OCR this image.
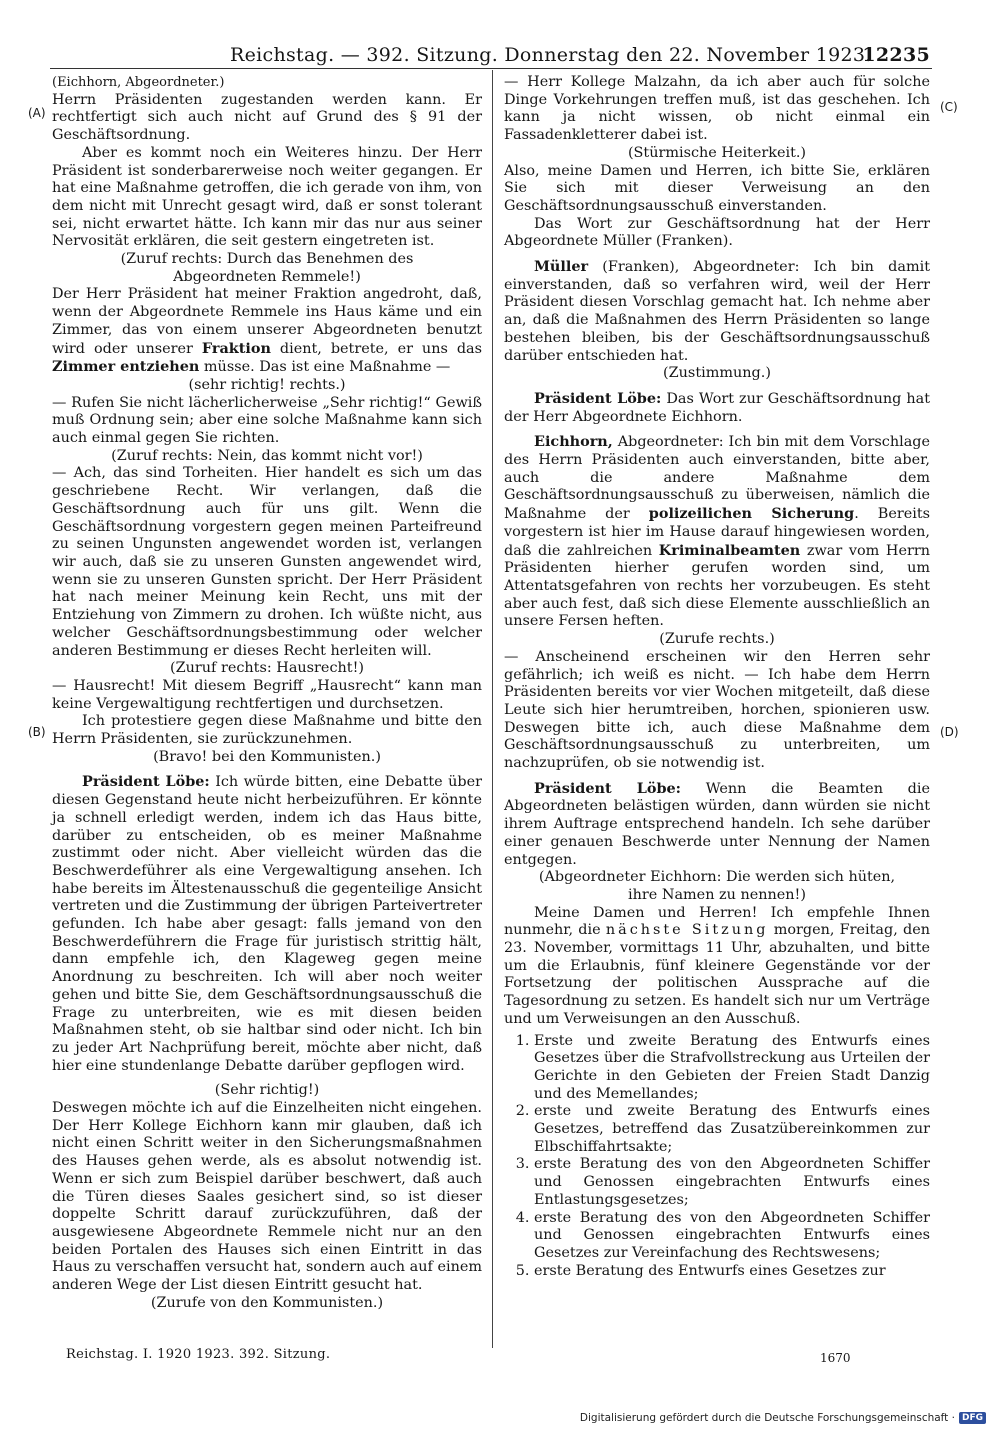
Reichstag. — 392. Sitzung. Donnerstag den 22. November 1923.
12235
(A)
(B)
(C)
(D)

(Eichhorn, Abgeordneter.)

Herrn Präsidenten zugestanden werden kann. Er rechtfertigt sich auch nicht auf Grund des § 91 der Geschäftsordnung.

Aber es kommt noch ein Weiteres hinzu. Der Herr Präsident ist sonderbarerweise noch weiter gegangen. Er hat eine Maßnahme getroffen, die ich gerade von ihm, von dem nicht mit Unrecht gesagt wird, daß er sonst tolerant sei, nicht erwartet hätte. Ich kann mir das nur aus seiner Nervosität erklären, die seit gestern eingetreten ist.

(Zuruf rechts: Durch das Benehmen des Abgeordneten Remmele!)

Der Herr Präsident hat meiner Fraktion angedroht, daß, wenn der Abgeordnete Remmele ins Haus käme und ein Zimmer, das von einem unserer Abgeordneten benutzt wird oder unserer Fraktion dient, betrete, er uns das Zimmer entziehen müsse. Das ist eine Maßnahme —

(sehr richtig! rechts.)

— Rufen Sie nicht lächerlicherweise „Sehr richtig!“ Gewiß muß Ordnung sein; aber eine solche Maßnahme kann sich auch einmal gegen Sie richten.

(Zuruf rechts: Nein, das kommt nicht vor!)

— Ach, das sind Torheiten. Hier handelt es sich um das geschriebene Recht. Wir verlangen, daß die Geschäftsordnung auch für uns gilt. Wenn die Geschäftsordnung vorgestern gegen meinen Parteifreund zu seinen Ungunsten angewendet worden ist, verlangen wir auch, daß sie zu unseren Gunsten angewendet wird, wenn sie zu unseren Gunsten spricht. Der Herr Präsident hat nach meiner Meinung kein Recht, uns mit der Entziehung von Zimmern zu drohen. Ich wüßte nicht, aus welcher Geschäftsordnungsbestimmung oder welcher anderen Bestimmung er dieses Recht herleiten will.

(Zuruf rechts: Hausrecht!)

— Hausrecht! Mit diesem Begriff „Hausrecht“ kann man keine Vergewaltigung rechtfertigen und durchsetzen.

Ich protestiere gegen diese Maßnahme und bitte den Herrn Präsidenten, sie zurückzunehmen.

(Bravo! bei den Kommunisten.)

Präsident Löbe: Ich würde bitten, eine Debatte über diesen Gegenstand heute nicht herbeizuführen. Er könnte ja schnell erledigt werden, indem ich das Haus bitte, darüber zu entscheiden, ob es meiner Maßnahme zustimmt oder nicht. Aber vielleicht würden das die Beschwerdeführer als eine Vergewaltigung ansehen. Ich habe bereits im Ältestenausschuß die gegenteilige Ansicht vertreten und die Zustimmung der übrigen Parteivertreter gefunden. Ich habe aber gesagt: falls jemand von den Beschwerdeführern die Frage für juristisch strittig hält, dann empfehle ich, den Klageweg gegen meine Anordnung zu beschreiten. Ich will aber noch weiter gehen und bitte Sie, dem Geschäftsordnungsausschuß die Frage zu unterbreiten, wie es mit diesen beiden Maßnahmen steht, ob sie haltbar sind oder nicht. Ich bin zu jeder Art Nachprüfung bereit, möchte aber nicht, daß hier eine stundenlange Debatte darüber gepflogen wird.

(Sehr richtig!)

Deswegen möchte ich auf die Einzelheiten nicht eingehen. Der Herr Kollege Eichhorn kann mir glauben, daß ich nicht einen Schritt weiter in den Sicherungsmaßnahmen des Hauses gehen werde, als es absolut notwendig ist. Wenn er sich zum Beispiel darüber beschwert, daß auch die Türen dieses Saales gesichert sind, so ist dieser doppelte Schritt darauf zurückzuführen, daß der ausgewiesene Abgeordnete Remmele nicht nur an den beiden Portalen des Hauses sich einen Eintritt in das Haus zu verschaffen versucht hat, sondern auch auf einem anderen Wege der List diesen Eintritt gesucht hat.

(Zurufe von den Kommunisten.)

— Herr Kollege Malzahn, da ich aber auch für solche Dinge Vorkehrungen treffen muß, ist das geschehen. Ich kann ja nicht wissen, ob nicht einmal ein Fassadenkletterer dabei ist.

(Stürmische Heiterkeit.)

Also, meine Damen und Herren, ich bitte Sie, erklären Sie sich mit dieser Verweisung an den Geschäftsordnungsausschuß einverstanden.

Das Wort zur Geschäftsordnung hat der Herr Abgeordnete Müller (Franken).

Müller (Franken), Abgeordneter: Ich bin damit einverstanden, daß so verfahren wird, weil der Herr Präsident diesen Vorschlag gemacht hat. Ich nehme aber an, daß die Maßnahmen des Herrn Präsidenten so lange bestehen bleiben, bis der Geschäftsordnungsausschuß darüber entschieden hat.

(Zustimmung.)

Präsident Löbe: Das Wort zur Geschäftsordnung hat der Herr Abgeordnete Eichhorn.

Eichhorn, Abgeordneter: Ich bin mit dem Vorschlage des Herrn Präsidenten auch einverstanden, bitte aber, auch die andere Maßnahme dem Geschäftsordnungsausschuß zu überweisen, nämlich die Maßnahme der polizeilichen Sicherung. Bereits vorgestern ist hier im Hause darauf hingewiesen worden, daß die zahlreichen Kriminalbeamten zwar vom Herrn Präsidenten hierher gerufen worden sind, um Attentatsgefahren von rechts her vorzubeugen. Es steht aber auch fest, daß sich diese Elemente ausschließlich an unsere Fersen heften.

(Zurufe rechts.)

— Anscheinend erscheinen wir den Herren sehr gefährlich; ich weiß es nicht. — Ich habe dem Herrn Präsidenten bereits vor vier Wochen mitgeteilt, daß diese Leute sich hier herumtreiben, horchen, spionieren usw. Deswegen bitte ich, auch diese Maßnahme dem Geschäftsordnungsausschuß zu unterbreiten, um nachzuprüfen, ob sie notwendig ist.

Präsident Löbe: Wenn die Beamten die Abgeordneten belästigen würden, dann würden sie nicht ihrem Auftrage entsprechend handeln. Ich sehe darüber einer genauen Beschwerde unter Nennung der Namen entgegen.

(Abgeordneter Eichhorn: Die werden sich hüten, ihre Namen zu nennen!)

Meine Damen und Herren! Ich empfehle Ihnen nunmehr, die nächste Sitzung morgen, Freitag, den 23. November, vormittags 11 Uhr, abzuhalten, und bitte um die Erlaubnis, fünf kleinere Gegenstände vor der Fortsetzung der politischen Aussprache auf die Tagesordnung zu setzen. Es handelt sich nur um Verträge und um Verweisungen an den Ausschuß.

1. Erste und zweite Beratung des Entwurfs eines Gesetzes über die Strafvollstreckung aus Urteilen der Gerichte in den Gebieten der Freien Stadt Danzig und des Memellandes;
2. erste und zweite Beratung des Entwurfs eines Gesetzes, betreffend das Zusatzübereinkommen zur Elbschiffahrtsakte;
3. erste Beratung des von den Abgeordneten Schiffer und Genossen eingebrachten Entwurfs eines Entlastungsgesetzes;
4. erste Beratung des von den Abgeordneten Schiffer und Genossen eingebrachten Entwurfs eines Gesetzes zur Vereinfachung des Rechtswesens;
5. erste Beratung des Entwurfs eines Gesetzes zur
Reichstag. I. 1920 1923. 392. Sitzung.	1670
Digitalisierung gefördert durch die Deutsche Forschungsgemeinschaft · DFG
